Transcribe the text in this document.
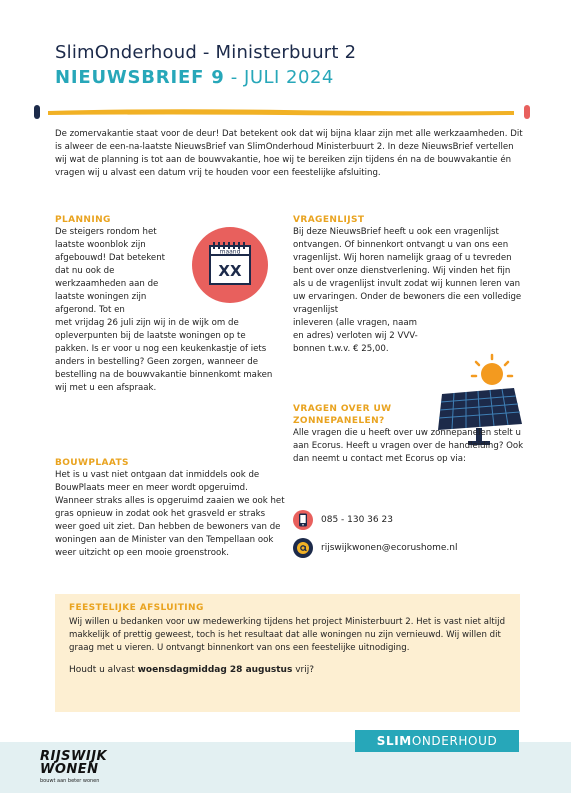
SlimOnderhoud - Ministerbuurt 2
NIEUWSBRIEF 9 - JULI 2024

De zomervakantie staat voor de deur! Dat betekent ook dat wij bijna klaar zijn met alle werkzaamheden. Dit is alweer de een-na-laatste NieuwsBrief van SlimOnderhoud Ministerbuurt 2. In deze NieuwsBrief vertellen wij wat de planning is tot aan de bouwvakantie, hoe wij te bereiken zijn tijdens én na de bouwvakantie én vragen wij u alvast een datum vrij te houden voor een feestelijke afsluiting.

PLANNING

De steigers rondom het laatste woonblok zijn afgebouwd! Dat betekent dat nu ook de werkzaamheden aan de laatste woningen zijn afgerond. Tot en

met vrijdag 26 juli zijn wij in de wijk om de opleverpunten bij de laatste woningen op te pakken. Is er voor u nog een keukenkastje of iets anders in bestelling? Geen zorgen, wanneer de bestelling na de bouwvakantie binnenkomt maken wij met u een afspraak.

maand
XX
BOUWPLAATS

Het is u vast niet ontgaan dat inmiddels ook de BouwPlaats meer en meer wordt opgeruimd. Wanneer straks alles is opgeruimd zaaien we ook het gras opnieuw in zodat ook het grasveld er straks weer goed uit ziet. Dan hebben de bewoners van de woningen aan de Minister van den Tempellaan ook weer uitzicht op een mooie groenstrook.

VRAGENLIJST

Bij deze NieuwsBrief heeft u ook een vragenlijst ontvangen. Of binnenkort ontvangt u van ons een vragenlijst. Wij horen namelijk graag of u tevreden bent over onze dienstverlening. Wij vinden het fijn als u de vragenlijst invult zodat wij kunnen leren van uw ervaringen. Onder de bewoners die een volledige vragenlijst

inleveren (alle vragen, naam en adres) verloten wij 2 VVV-bonnen t.w.v. € 25,00.

VRAGEN OVER UW ZONNEPANELEN?

Alle vragen die u heeft over uw zonnepanelen stelt u aan Ecorus. Heeft u vragen over de handleiding? Ook dan neemt u contact met Ecorus op via:

085 - 130 36 23
rijswijkwonen@ecorushome.nl
FEESTELIJKE AFSLUITING

Wij willen u bedanken voor uw medewerking tijdens het project Ministerbuurt 2. Het is vast niet altijd makkelijk of prettig geweest, toch is het resultaat dat alle woningen nu zijn vernieuwd. Wij willen dit graag met u vieren. U ontvangt binnenkort van ons een feestelijke uitnodiging.

Houdt u alvast woensdagmiddag 28 augustus vrij?

SLIM ONDERHOUD
RIJSWIJK
WONEN
bouwt aan beter wonen
